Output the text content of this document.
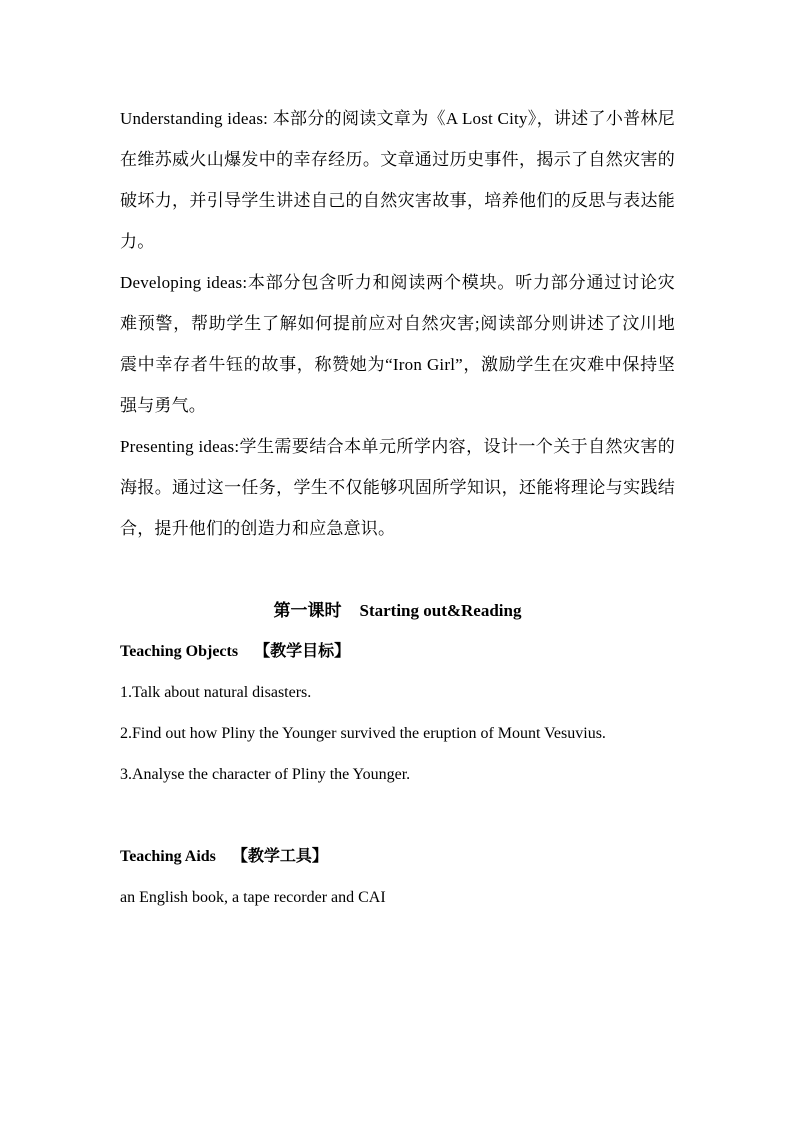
Understanding ideas: 本部分的阅读文章为《A Lost City》，讲述了小普林尼在维苏威火山爆发中的幸存经历。文章通过历史事件，揭示了自然灾害的破坏力，并引导学生讲述自己的自然灾害故事，培养他们的反思与表达能力。

Developing ideas:本部分包含听力和阅读两个模块。听力部分通过讨论灾难预警，帮助学生了解如何提前应对自然灾害;阅读部分则讲述了汶川地震中幸存者牛钰的故事，称赞她为“Iron Girl”，激励学生在灾难中保持坚强与勇气。

Presenting ideas:学生需要结合本单元所学内容，设计一个关于自然灾害的海报。通过这一任务，学生不仅能够巩固所学知识，还能将理论与实践结合，提升他们的创造力和应急意识。

第一课时 Starting out&Reading

Teaching Objects 【教学目标】

1.Talk about natural disasters.

2.Find out how Pliny the Younger survived the eruption of Mount Vesuvius.

3.Analyse the character of Pliny the Younger.

Teaching Aids 【教学工具】

an English book, a tape recorder and CAI
